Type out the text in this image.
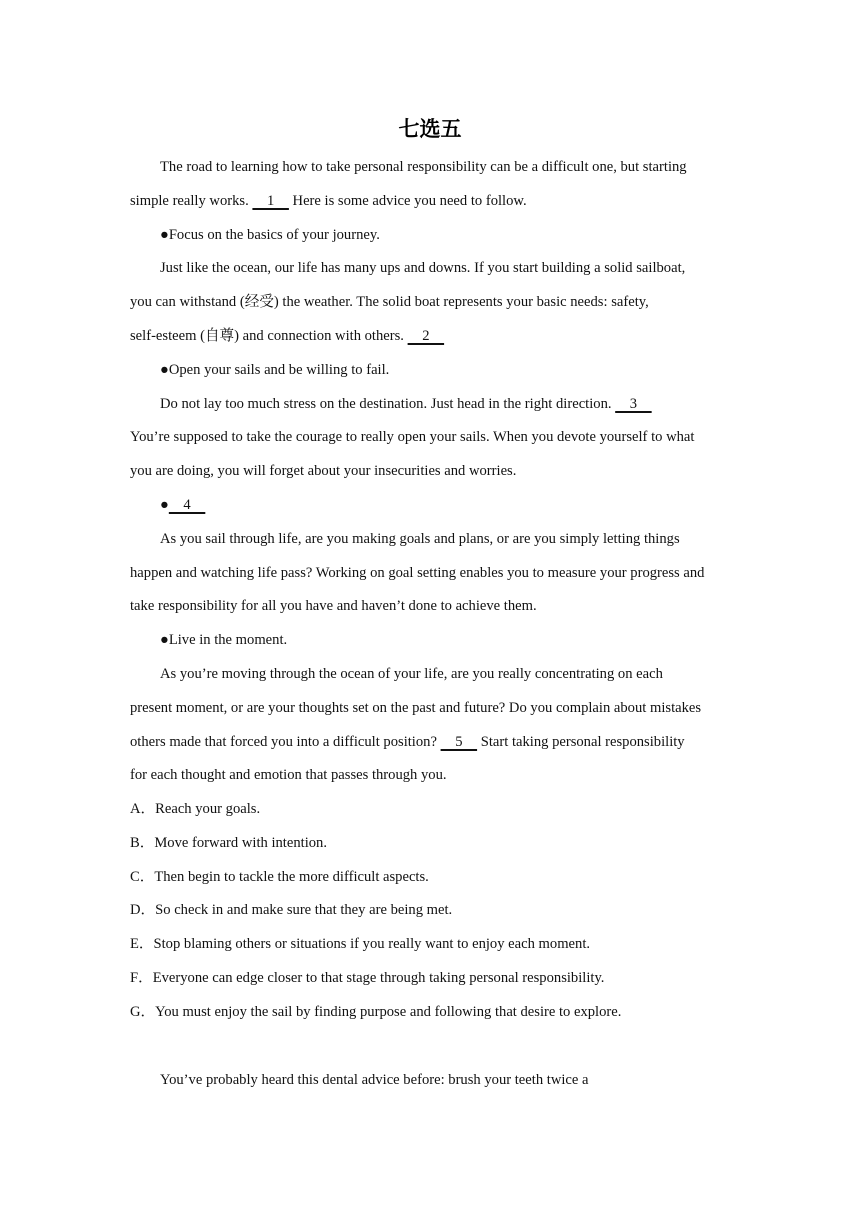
七选五
The road to learning how to take personal responsibility can be a difficult one, but starting
simple really works.   1   Here is some advice you need to follow.
●Focus on the basics of your journey.
Just like the ocean, our life has many ups and downs. If you start building a solid sailboat,
you can withstand (经受) the weather. The solid boat represents your basic needs: safety,
self-esteem (自尊) and connection with others.   2  
●Open your sails and be willing to fail.
Do not lay too much stress on the destination. Just head in the right direction.   3  
You’re supposed to take the courage to really open your sails. When you devote yourself to what
you are doing, you will forget about your insecurities and worries.
●  4  
As you sail through life, are you making goals and plans, or are you simply letting things
happen and watching life pass? Working on goal setting enables you to measure your progress and
take responsibility for all you have and haven’t done to achieve them.
●Live in the moment.
As you’re moving through the ocean of your life, are you really concentrating on each
present moment, or are your thoughts set on the past and future? Do you complain about mistakes
others made that forced you into a difficult position?   5   Start taking personal responsibility
for each thought and emotion that passes through you.
A．Reach your goals.
B．Move forward with intention.
C．Then begin to tackle the more difficult aspects.
D．So check in and make sure that they are being met.
E．Stop blaming others or situations if you really want to enjoy each moment.
F．Everyone can edge closer to that stage through taking personal responsibility.
G．You must enjoy the sail by finding purpose and following that desire to explore.
You’ve probably heard this dental advice before: brush your teeth twice a
